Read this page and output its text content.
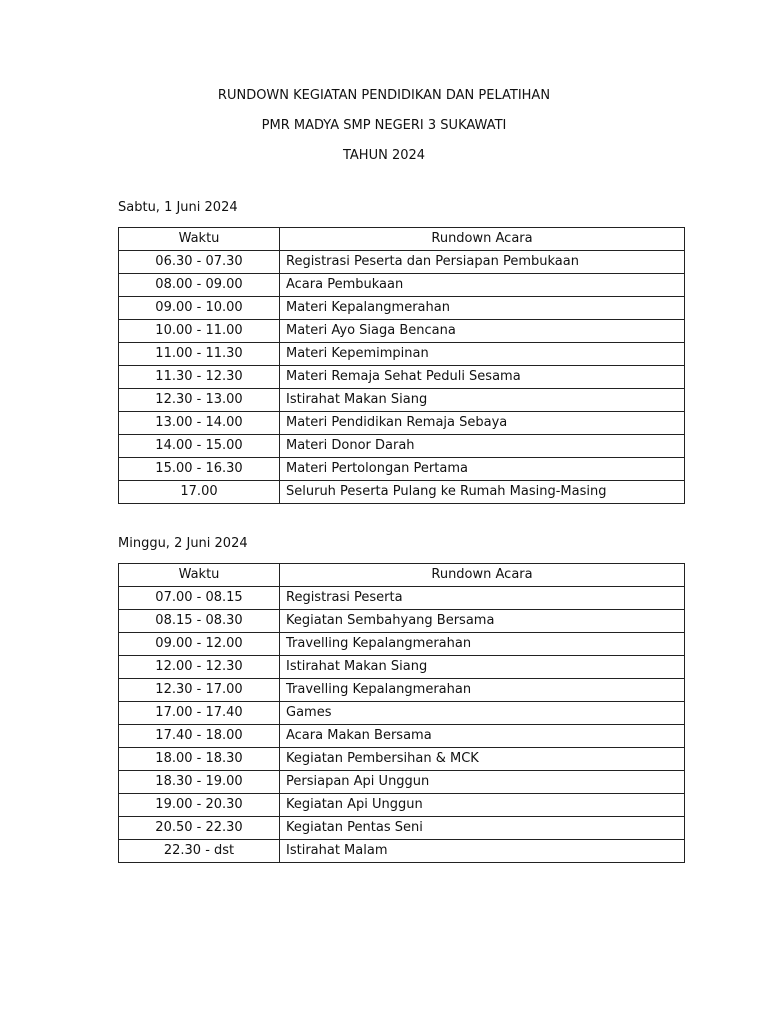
RUNDOWN KEGIATAN PENDIDIKAN DAN PELATIHAN
PMR MADYA SMP NEGERI 3 SUKAWATI
TAHUN 2024
Sabtu, 1 Juni 2024
Waktu	Rundown Acara
06.30 - 07.30	Registrasi Peserta dan Persiapan Pembukaan
08.00 - 09.00	Acara Pembukaan
09.00 - 10.00	Materi Kepalangmerahan
10.00 - 11.00	Materi Ayo Siaga Bencana
11.00 - 11.30	Materi Kepemimpinan
11.30 - 12.30	Materi Remaja Sehat Peduli Sesama
12.30 - 13.00	Istirahat Makan Siang
13.00 - 14.00	Materi Pendidikan Remaja Sebaya
14.00 - 15.00	Materi Donor Darah
15.00 - 16.30	Materi Pertolongan Pertama
17.00	Seluruh Peserta Pulang ke Rumah Masing-Masing
Minggu, 2 Juni 2024
Waktu	Rundown Acara
07.00 - 08.15	Registrasi Peserta
08.15 - 08.30	Kegiatan Sembahyang Bersama
09.00 - 12.00	Travelling Kepalangmerahan
12.00 - 12.30	Istirahat Makan Siang
12.30 - 17.00	Travelling Kepalangmerahan
17.00 - 17.40	Games
17.40 - 18.00	Acara Makan Bersama
18.00 - 18.30	Kegiatan Pembersihan & MCK
18.30 - 19.00	Persiapan Api Unggun
19.00 - 20.30	Kegiatan Api Unggun
20.50 - 22.30	Kegiatan Pentas Seni
22.30 - dst	Istirahat Malam
